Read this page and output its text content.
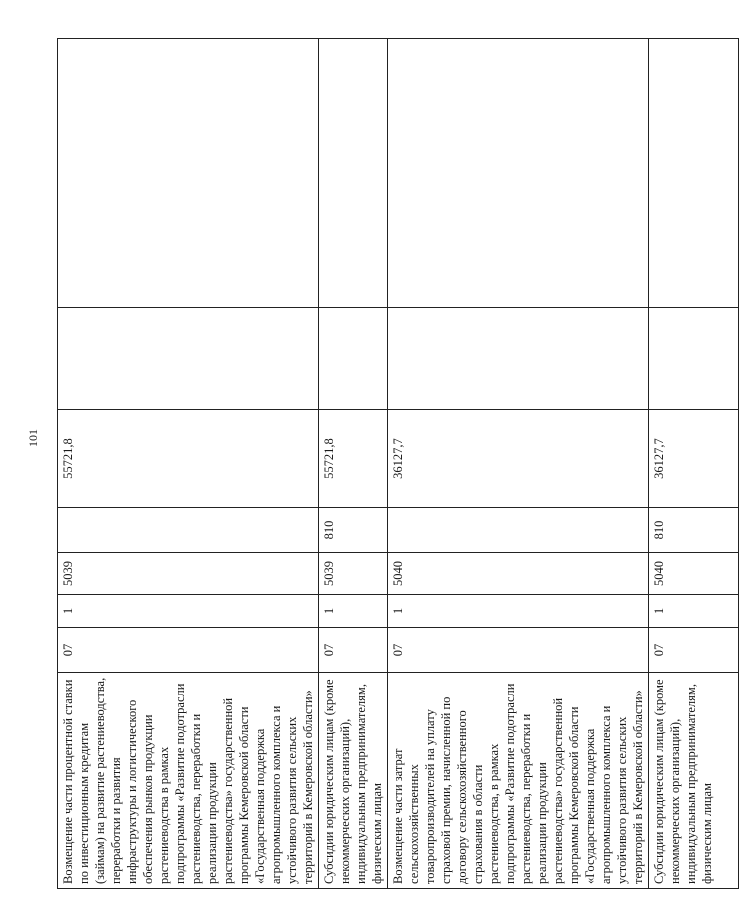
101
Возмещение части процентной ставки по инвестиционным кредитам (займам) на развитие растениеводства, переработки и развития инфраструктуры и логистического обеспечения рынков продукции растениеводства в рамках подпрограммы «Развитие подотрасли растениеводства, переработки и реализации продукции растениеводства» государственной программы Кемеровской области «Государственная поддержка агропромышленного комплекса и устойчивого развития сельских территорий в Кемеровской области»	07	1	5039		55721,8		
Субсидии юридическим лицам (кроме некоммерческих организаций), индивидуальным предпринимателям, физическим лицам	07	1	5039	810	55721,8		
Возмещение части затрат сельскохозяйственных товаропроизводителей на уплату страховой премии, начисленной по договору сельскохозяйственного страхования в области растениеводства, в рамках подпрограммы «Развитие подотрасли растениеводства, переработки и реализации продукции растениеводства» государственной программы Кемеровской области «Государственная поддержка агропромышленного комплекса и устойчивого развития сельских территорий в Кемеровской области»	07	1	5040		36127,7		
Субсидии юридическим лицам (кроме некоммерческих организаций), индивидуальным предпринимателям, физическим лицам	07	1	5040	810	36127,7		
